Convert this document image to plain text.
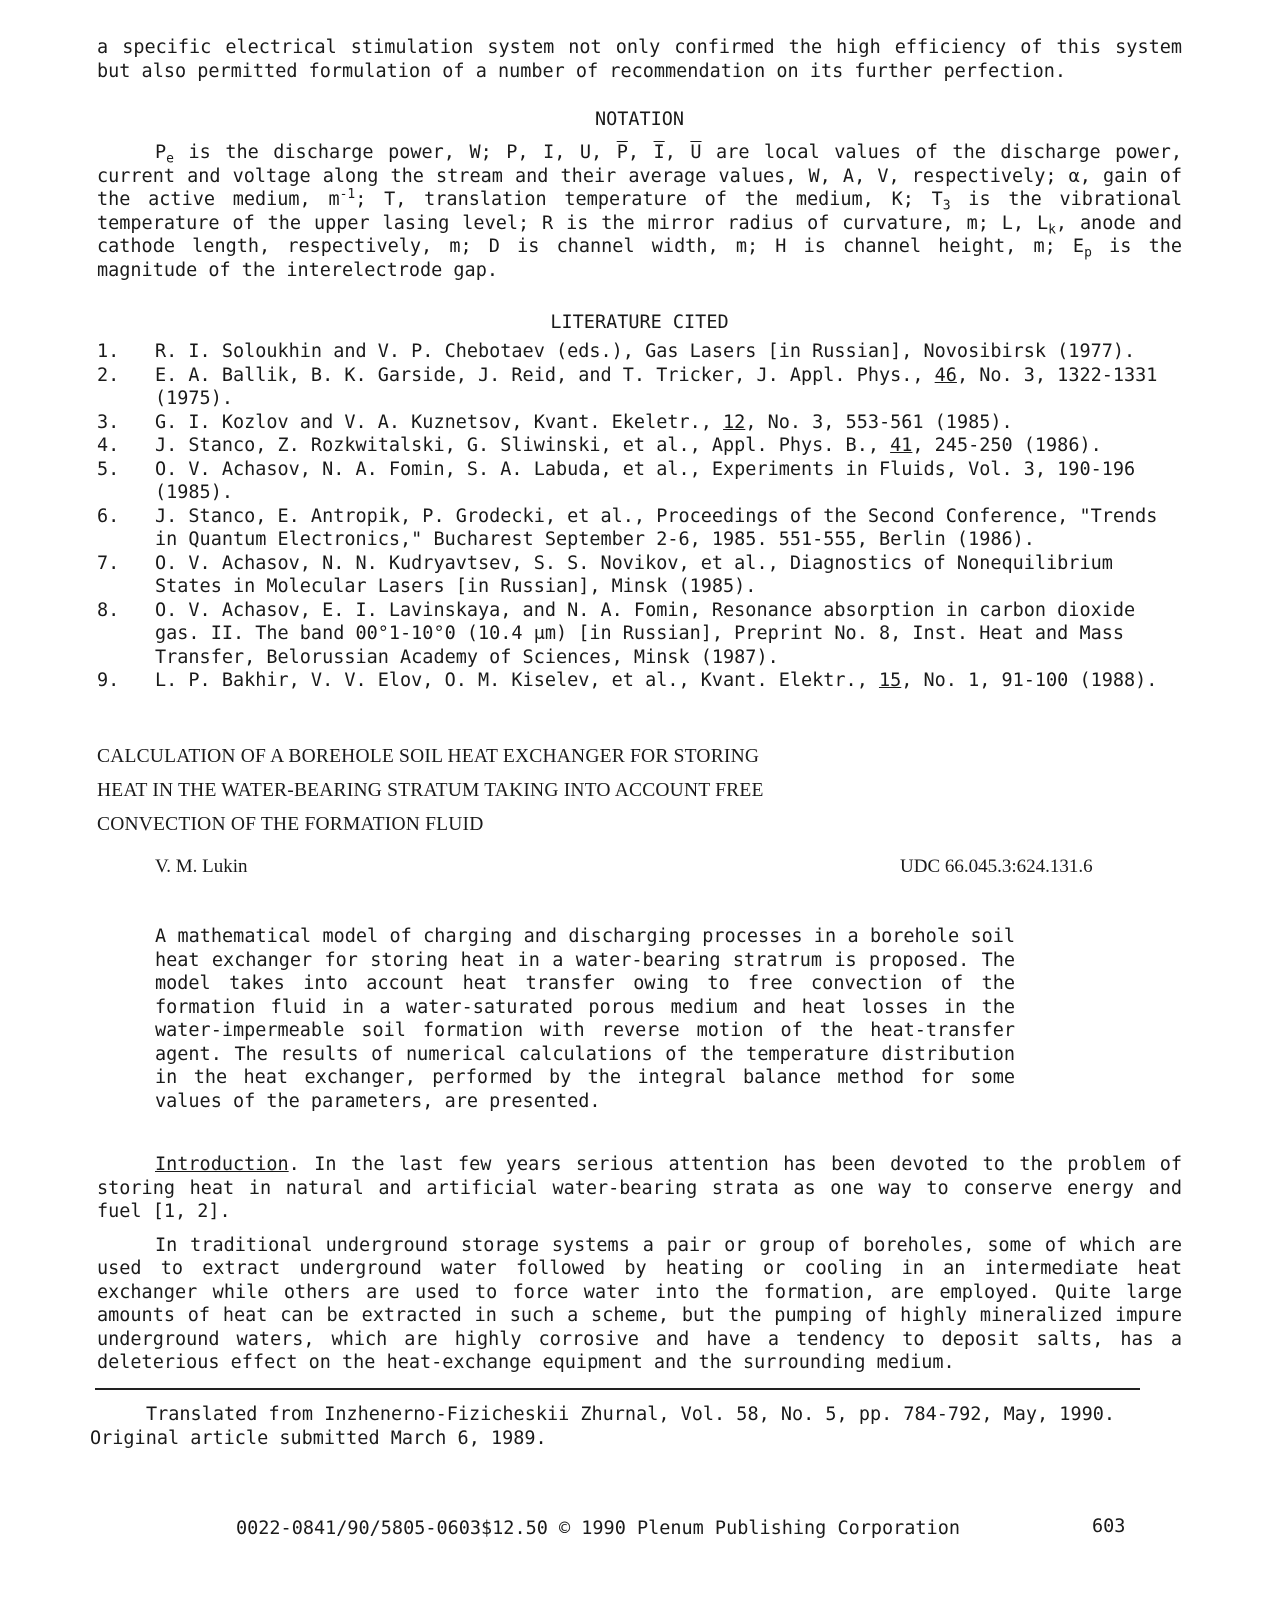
a specific electrical stimulation system not only confirmed the high efficiency of this system but also permitted formulation of a number of recommendation on its further perfection.

NOTATION

$P_e$ is the discharge power, W; P, I, U, $\overline{P}$, $\overline{I}$, $\overline{U}$ are local values of the discharge power, current and voltage along the stream and their average values, W, A, V, respectively; α, gain of the active medium, $m^{-1}$; T, translation temperature of the medium, K; $T_3$ is the vibrational temperature of the upper lasing level; R is the mirror radius of curvature, m; L, $L_k$, anode and cathode length, respectively, m; D is channel width, m; H is channel height, m; $E_p$ is the magnitude of the interelectrode gap.

LITERATURE CITED

1. R. I. Soloukhin and V. P. Chebotaev (eds.), Gas Lasers [in Russian], Novosibirsk (1977).
2. E. A. Ballik, B. K. Garside, J. Reid, and T. Tricker, J. Appl. Phys., 46, No. 3, 1322-1331 (1975).
3. G. I. Kozlov and V. A. Kuznetsov, Kvant. Ekeletr., 12, No. 3, 553-561 (1985).
4. J. Stanco, Z. Rozkwitalski, G. Sliwinski, et al., Appl. Phys. B., 41, 245-250 (1986).
5. O. V. Achasov, N. A. Fomin, S. A. Labuda, et al., Experiments in Fluids, Vol. 3, 190-196 (1985).
6. J. Stanco, E. Antropik, P. Grodecki, et al., Proceedings of the Second Conference, "Trends in Quantum Electronics," Bucharest September 2-6, 1985. 551-555, Berlin (1986).
7. O. V. Achasov, N. N. Kudryavtsev, S. S. Novikov, et al., Diagnostics of Nonequilibrium States in Molecular Lasers [in Russian], Minsk (1985).
8. O. V. Achasov, E. I. Lavinskaya, and N. A. Fomin, Resonance absorption in carbon dioxide gas. II. The band 00°1-10°0 (10.4 μm) [in Russian], Preprint No. 8, Inst. Heat and Mass Transfer, Belorussian Academy of Sciences, Minsk (1987).
9. L. P. Bakhir, V. V. Elov, O. M. Kiselev, et al., Kvant. Elektr., 15, No. 1, 91-100 (1988).
CALCULATION OF A BOREHOLE SOIL HEAT EXCHANGER FOR STORING
HEAT IN THE WATER-BEARING STRATUM TAKING INTO ACCOUNT FREE
CONVECTION OF THE FORMATION FLUID
V. M. Lukin	UDC 66.045.3:624.131.6

A mathematical model of charging and discharging processes in a borehole soil heat exchanger for storing heat in a water-bearing stratrum is proposed. The model takes into account heat transfer owing to free convection of the formation fluid in a water-saturated porous medium and heat losses in the water-impermeable soil formation with reverse motion of the heat-transfer agent. The results of numerical calculations of the temperature distribution in the heat exchanger, performed by the integral balance method for some values of the parameters, are presented.

Introduction. In the last few years serious attention has been devoted to the problem of storing heat in natural and artificial water-bearing strata as one way to conserve energy and fuel [1, 2].

In traditional underground storage systems a pair or group of boreholes, some of which are used to extract underground water followed by heating or cooling in an intermediate heat exchanger while others are used to force water into the formation, are employed. Quite large amounts of heat can be extracted in such a scheme, but the pumping of highly mineralized impure underground waters, which are highly corrosive and have a tendency to deposit salts, has a deleterious effect on the heat-exchange equipment and the surrounding medium.

Translated from Inzhenerno-Fizicheskii Zhurnal, Vol. 58, No. 5, pp. 784-792, May, 1990. Original article submitted March 6, 1989.

0022-0841/90/5805-0603$12.50 © 1990 Plenum Publishing Corporation	603
